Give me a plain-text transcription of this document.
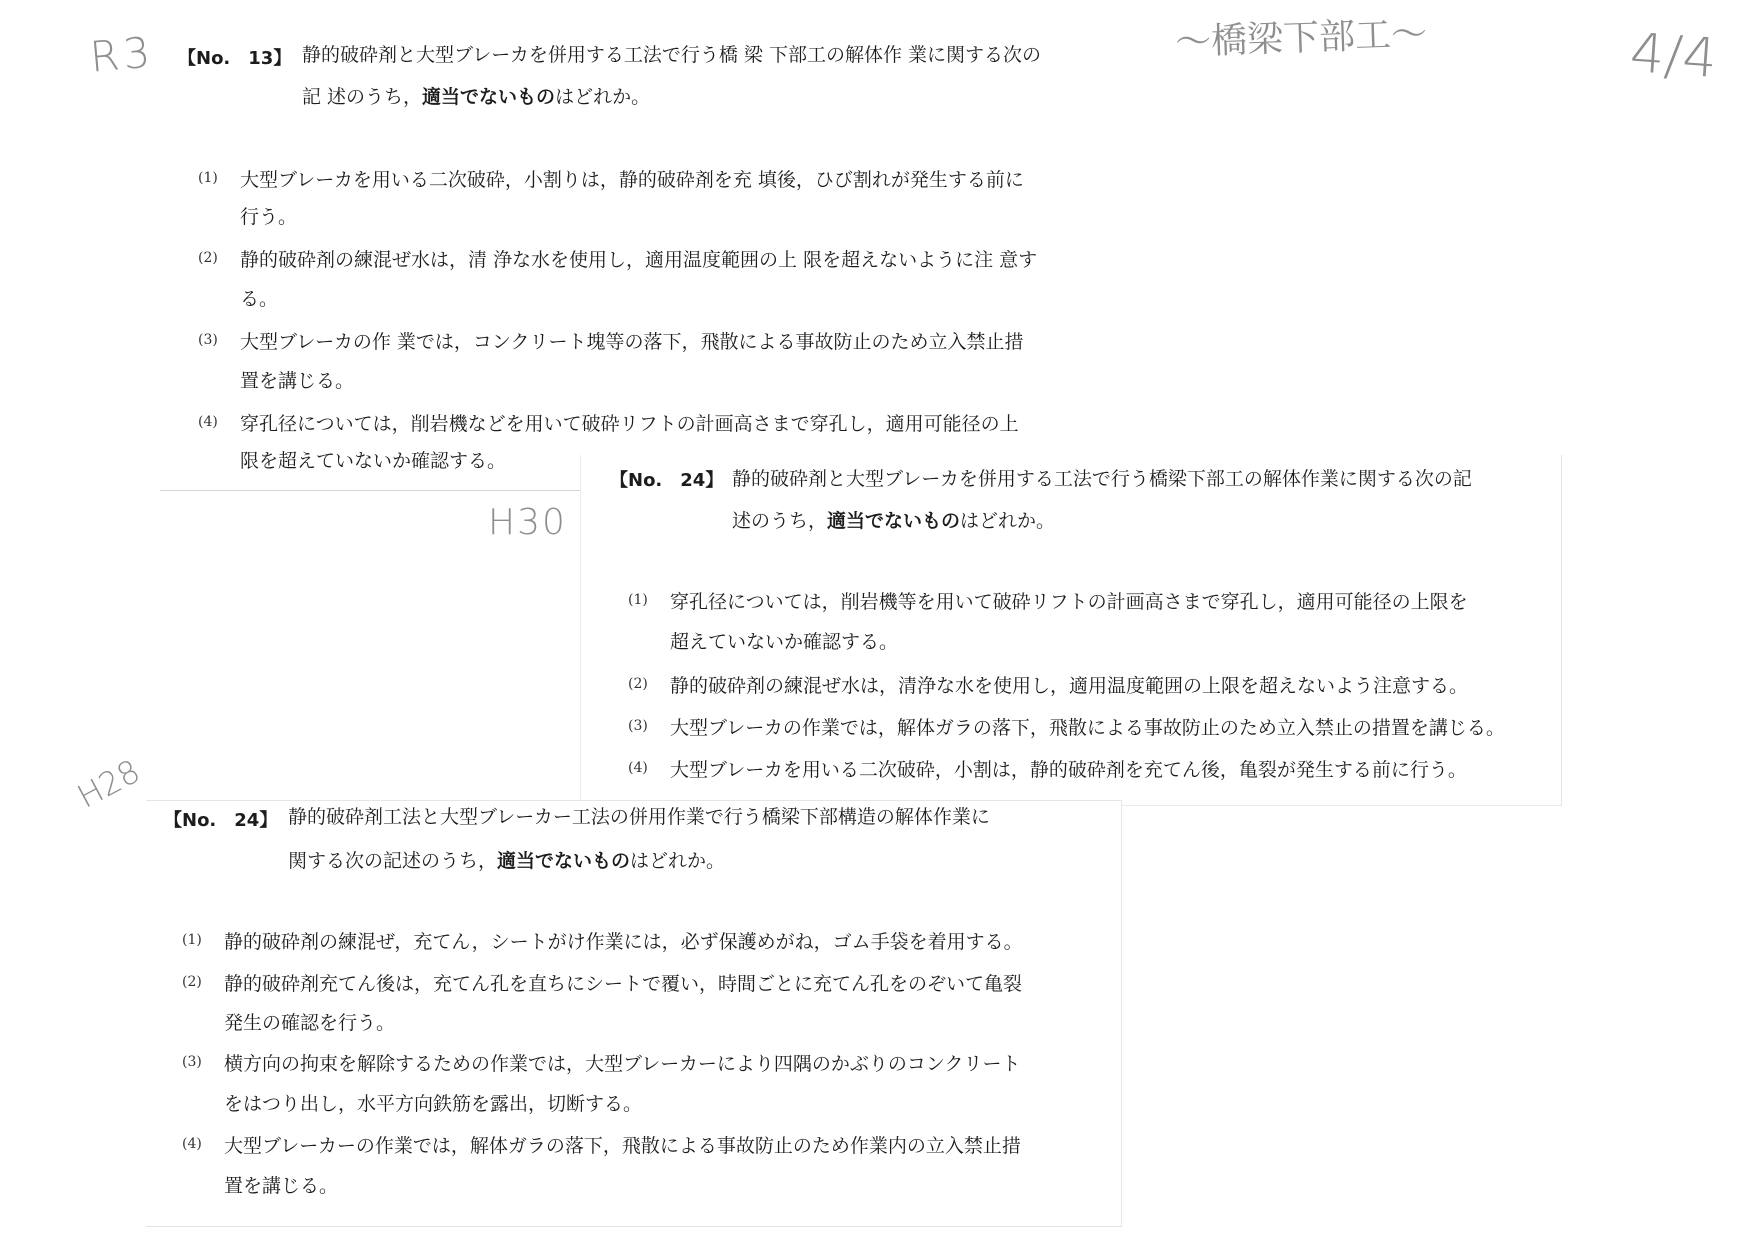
R3	〜橋梁下部工〜	4/4
H30
H28
【No.　13】 静的破砕剤と大型ブレーカを併用する工法で行う橋 梁 下部工の解体作 業に関する次の
記 述のうち，適当でないものはどれか。
(1) 大型ブレーカを用いる二次破砕，小割りは，静的破砕剤を充 填後，ひび割れが発生する前に
行う。
(2) 静的破砕剤の練混ぜ水は，清 浄な水を使用し，適用温度範囲の上 限を超えないように注 意す
る。
(3) 大型ブレーカの作 業では，コンクリート塊等の落下，飛散による事故防止のため立入禁止措
置を講じる。
(4) 穿孔径については，削岩機などを用いて破砕リフトの計画高さまで穿孔し，適用可能径の上
限を超えていないか確認する。
【No.　24】 静的破砕剤と大型ブレーカを併用する工法で行う橋梁下部工の解体作業に関する次の記
述のうち，適当でないものはどれか。
(1) 穿孔径については，削岩機等を用いて破砕リフトの計画高さまで穿孔し，適用可能径の上限を
超えていないか確認する。
(2) 静的破砕剤の練混ぜ水は，清浄な水を使用し，適用温度範囲の上限を超えないよう注意する。
(3) 大型ブレーカの作業では，解体ガラの落下，飛散による事故防止のため立入禁止の措置を講じる。
(4) 大型ブレーカを用いる二次破砕，小割は，静的破砕剤を充てん後，亀裂が発生する前に行う。
【No.　24】 静的破砕剤工法と大型ブレーカー工法の併用作業で行う橋梁下部構造の解体作業に
関する次の記述のうち，適当でないものはどれか。
(1) 静的破砕剤の練混ぜ，充てん，シートがけ作業には，必ず保護めがね，ゴム手袋を着用する。
(2) 静的破砕剤充てん後は，充てん孔を直ちにシートで覆い，時間ごとに充てん孔をのぞいて亀裂
発生の確認を行う。
(3) 横方向の拘束を解除するための作業では，大型ブレーカーにより四隅のかぶりのコンクリート
をはつり出し，水平方向鉄筋を露出，切断する。
(4) 大型ブレーカーの作業では，解体ガラの落下，飛散による事故防止のため作業内の立入禁止措
置を講じる。
